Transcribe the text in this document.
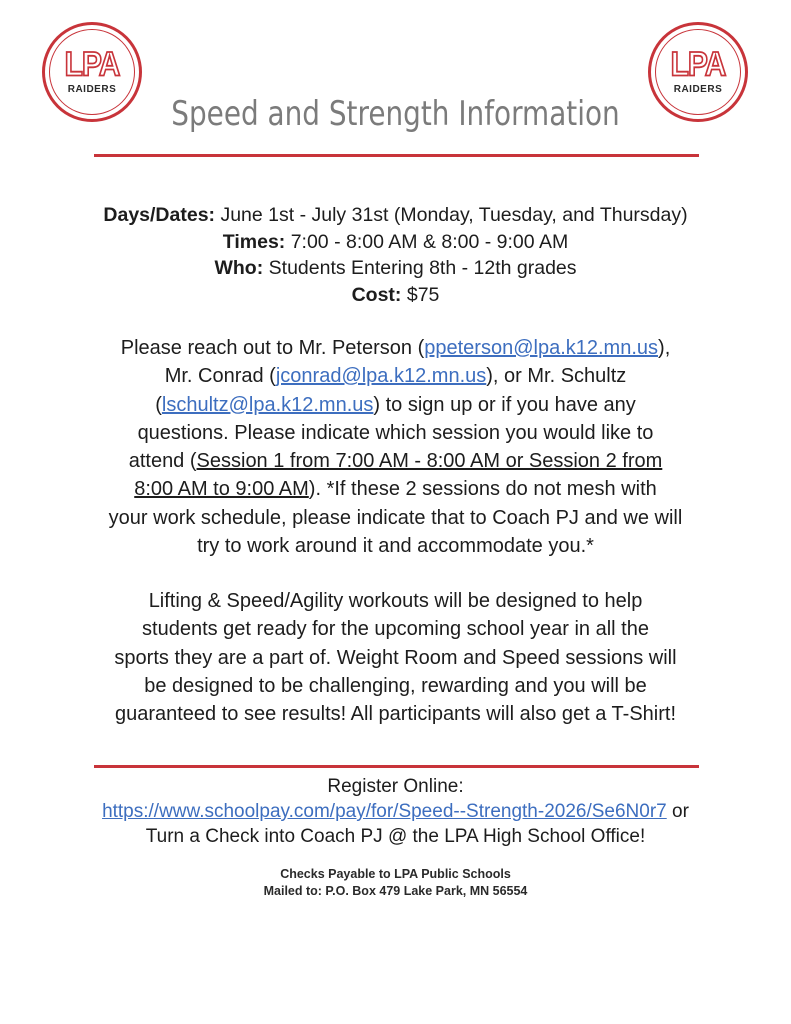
LPA
RAIDERS
LPA
RAIDERS
Speed and Strength Information
Days/Dates: June 1st - July 31st (Monday, Tuesday, and Thursday)
Times: 7:00 - 8:00 AM & 8:00 - 9:00 AM
Who: Students Entering 8th - 12th grades
Cost: $75
Please reach out to Mr. Peterson (ppeterson@lpa.k12.mn.us),
Mr. Conrad (jconrad@lpa.k12.mn.us), or Mr. Schultz
(lschultz@lpa.k12.mn.us) to sign up or if you have any
questions. Please indicate which session you would like to
attend (Session 1 from 7:00 AM - 8:00 AM or Session 2 from
8:00 AM to 9:00 AM). *If these 2 sessions do not mesh with
your work schedule, please indicate that to Coach PJ and we will
try to work around it and accommodate you.*
Lifting & Speed/Agility workouts will be designed to help
students get ready for the upcoming school year in all the
sports they are a part of. Weight Room and Speed sessions will
be designed to be challenging, rewarding and you will be
guaranteed to see results! All participants will also get a T-Shirt!
Register Online:
https://www.schoolpay.com/pay/for/Speed--Strength-2026/Se6N0r7 or
Turn a Check into Coach PJ @ the LPA High School Office!
Checks Payable to LPA Public Schools
Mailed to: P.O. Box 479 Lake Park, MN 56554
